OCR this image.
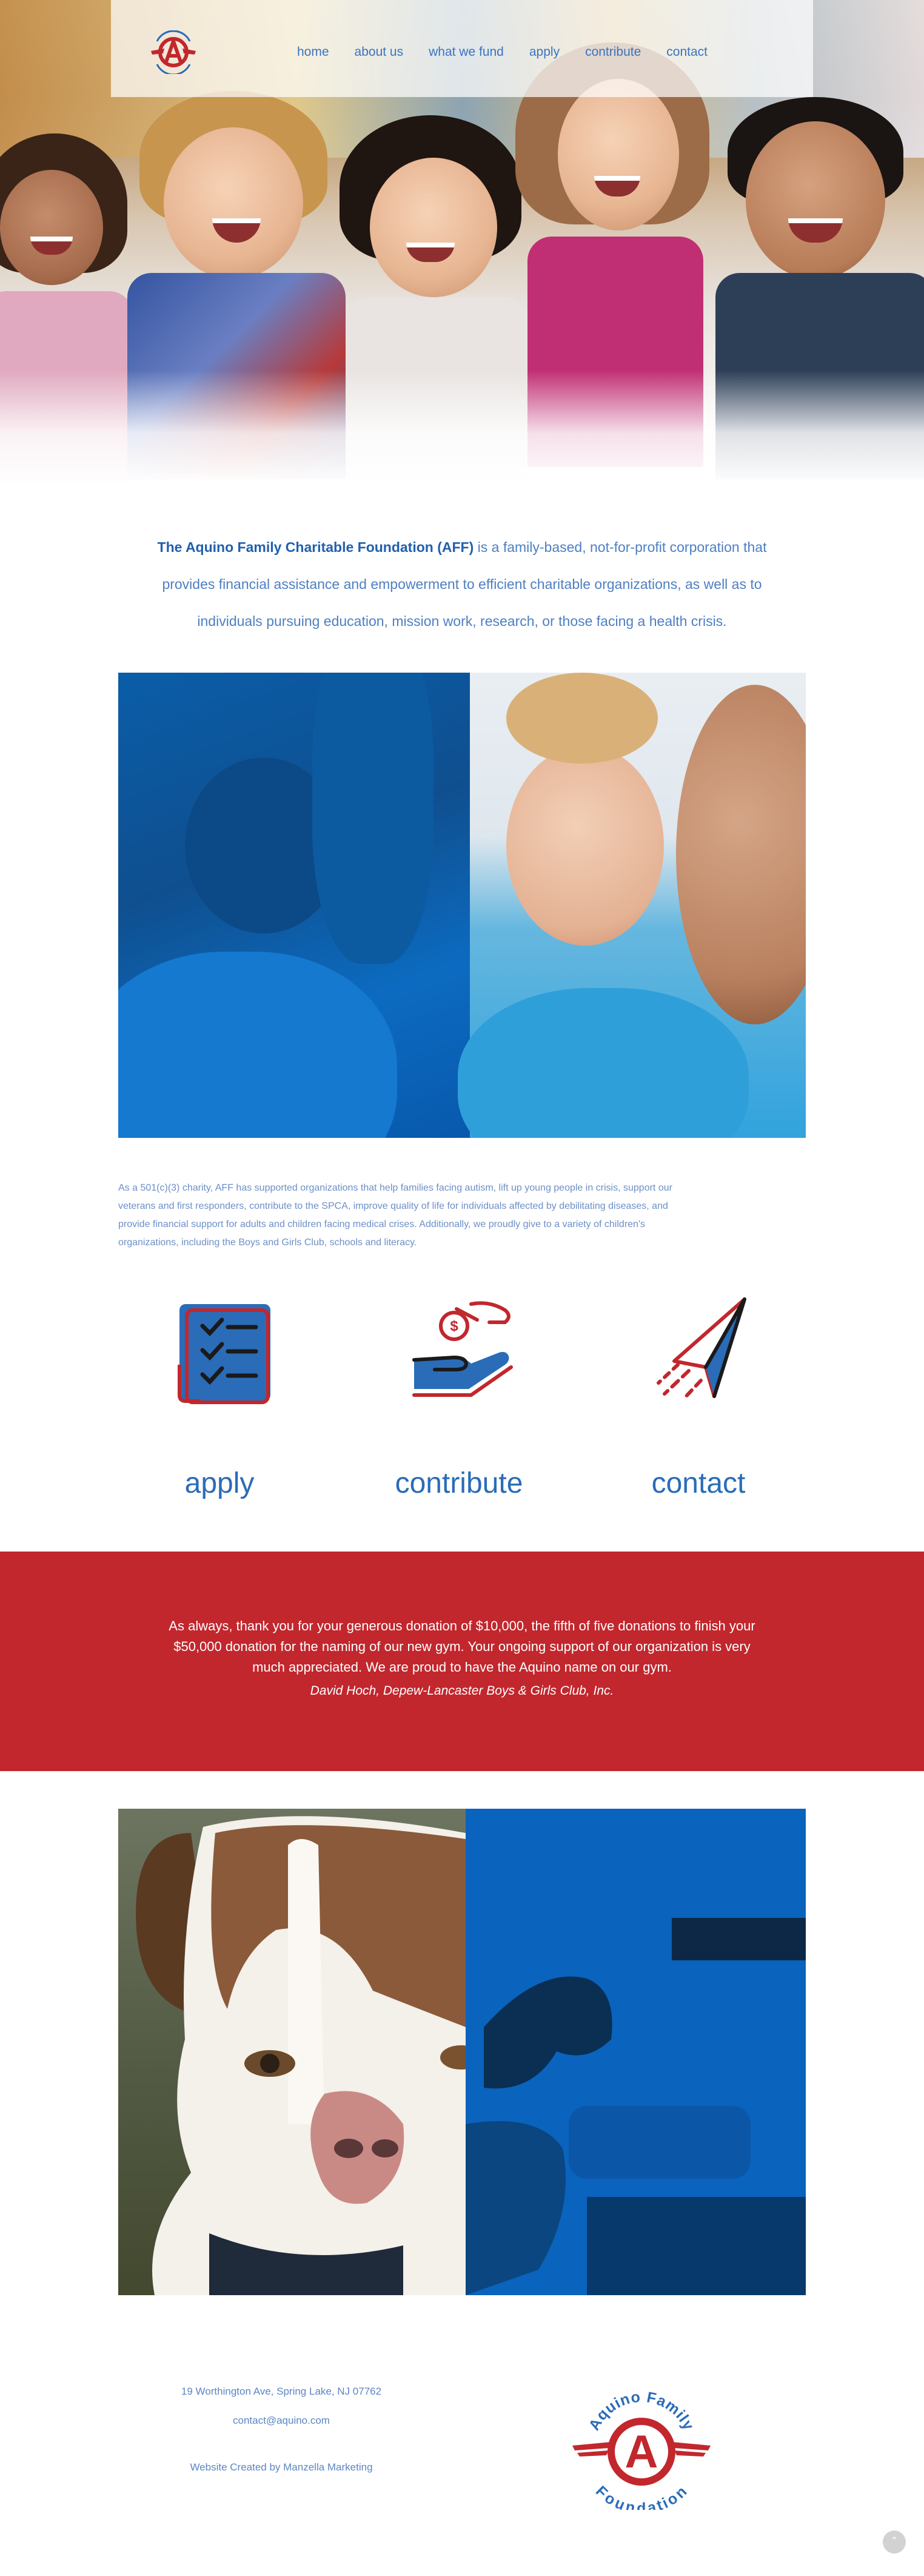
home about us what we fund apply contribute contact
The Aquino Family Charitable Foundation (AFF) is a family-based, not-for-profit corporation that
provides financial assistance and empowerment to efficient charitable organizations, as well as to
individuals pursuing education, mission work, research, or those facing a health crisis.
As a 501(c)(3) charity, AFF has supported organizations that help families facing autism, lift up young people in crisis, support our
veterans and first responders, contribute to the SPCA, improve quality of life for individuals affected by debilitating diseases, and
provide financial support for adults and children facing medical crises. Additionally, we proudly give to a variety of children's
organizations, including the Boys and Girls Club, schools and literacy.
apply
$
contribute	contact
As always, thank you for your generous donation of $10,000, the fifth of five donations to finish your
$50,000 donation for the naming of our new gym. Your ongoing support of our organization is very
much appreciated. We are proud to have the Aquino name on our gym.
David Hoch, Depew-Lancaster Boys & Girls Club, Inc.
19 Worthington Ave, Spring Lake, NJ 07762
contact@aquino.com
Website Created by Manzella Marketing
Aquino Family
Foundation
A
⌃
